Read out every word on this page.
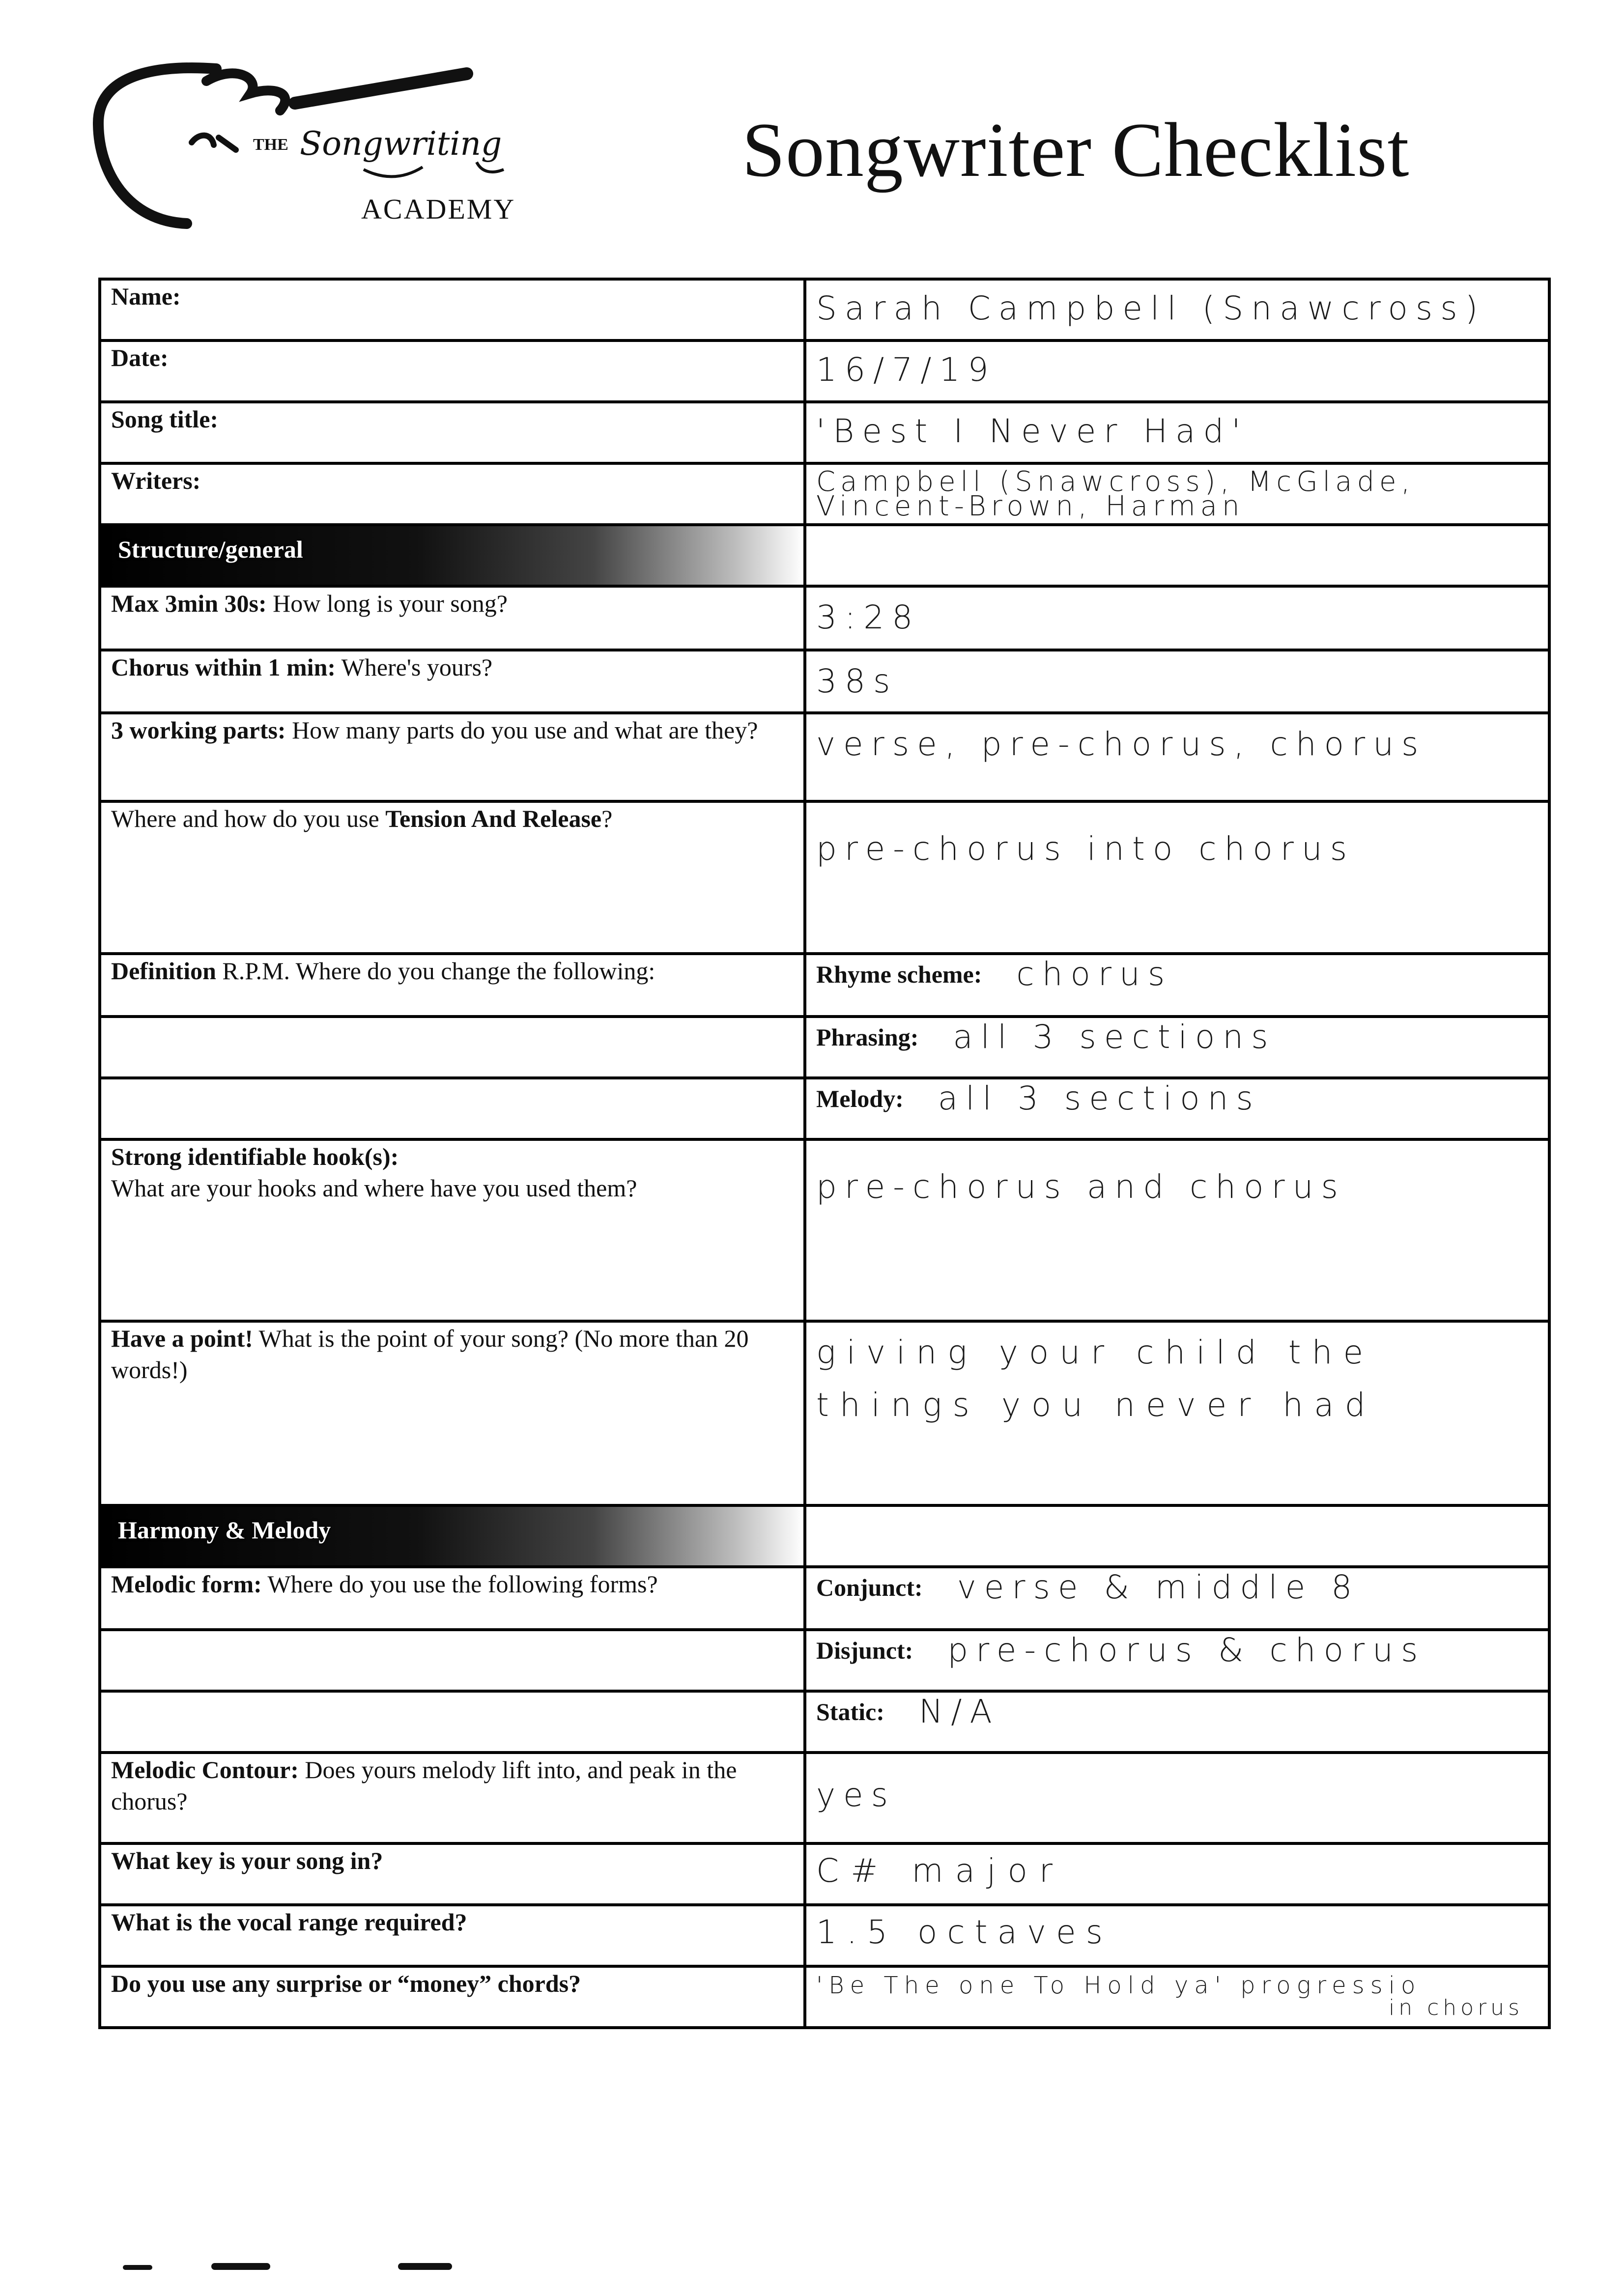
THE Songwriting
ACADEMY
Songwriter Checklist
Name:	Sarah Campbell (Snawcross)

Date:	16/7/19

Song title:	'Best I Never Had'

Writers:	Campbell (Snawcross), McGlade,
Vincent-Brown, Harman

Structure/general	

Max 3min 30s: How long is your song?	3:28

Chorus within 1 min: Where's yours?	38s

3 working parts: How many parts do you use and what are they?	verse, pre-chorus, chorus

Where and how do you use Tension And Release?	pre-chorus into chorus

Definition R.P.M. Where do you change the following:	Rhyme scheme: chorus

	Phrasing: all 3 sections

	Melody: all 3 sections

Strong identifiable hook(s):
What are your hooks and where have you used them?	pre-chorus and chorus

Have a point! What is the point of your song? (No more than 20 words!)	giving your child the
things you never had

Harmony & Melody	

Melodic form: Where do you use the following forms?	Conjunct: verse & middle 8

	Disjunct: pre-chorus & chorus

	Static: N/A

Melodic Contour: Does yours melody lift into, and peak in the chorus?	yes

What key is your song in?	C# major

What is the vocal range required?	1.5 octaves

Do you use any surprise or “money” chords?	'Be The one To Hold ya' progressio
in chorus
